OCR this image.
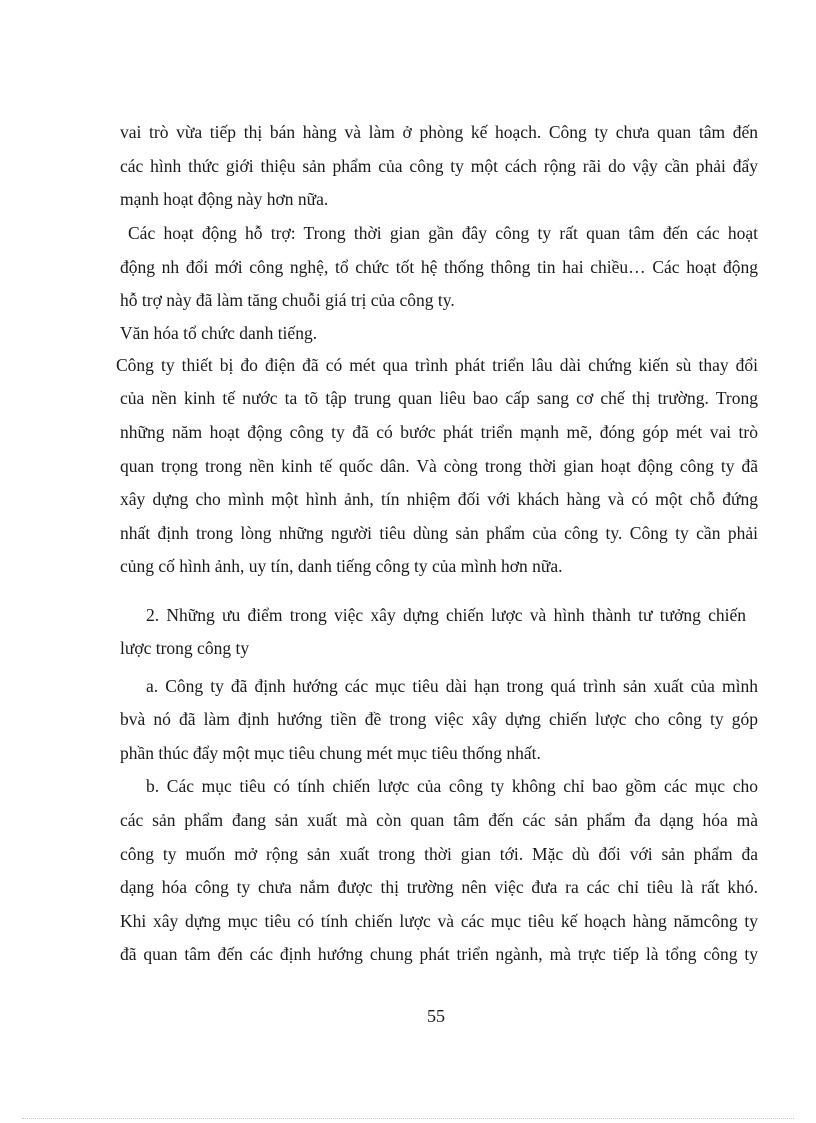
vai trò vừa tiếp thị bán hàng và làm ở phòng kế hoạch. Công ty chưa quan tâm đến
các hình thức giới thiệu sản phẩm của công ty một cách rộng rãi do vậy cần phải đẩy
mạnh hoạt động này hơn nữa.
Các hoạt động hỗ trợ: Trong thời gian gần đây công ty rất quan tâm đến các hoạt
động nh đổi mới công nghệ, tổ chức tốt hệ thống thông tin hai chiều… Các hoạt động
hỗ trợ này đã làm tăng chuỗi giá trị của công ty.
Văn hóa tổ chức danh tiếng.
Công ty thiết bị đo điện đã có mét qua trình phát triển lâu dài chứng kiến sù thay đổi
của nền kinh tế nước ta tõ tập trung quan liêu bao cấp sang cơ chế thị trường. Trong
những năm hoạt động công ty đã có bước phát triển mạnh mẽ, đóng góp mét vai trò
quan trọng trong nền kinh tế quốc dân. Và còng trong thời gian hoạt động công ty đã
xây dựng cho mình một hình ảnh, tín nhiệm đối với khách hàng và có một chỗ đứng
nhất định trong lòng những người tiêu dùng sản phẩm của công ty. Công ty cần phải
củng cố hình ảnh, uy tín, danh tiếng công ty của mình hơn nữa.
2. Những ưu điểm trong việc xây dựng chiến lược và hình thành tư tưởng chiến
lược trong công ty
a. Công ty đã định hướng các mục tiêu dài hạn trong quá trình sản xuất của mình
bvà nó đã làm định hướng tiền đề trong việc xây dựng chiến lược cho công ty góp
phần thúc đẩy một mục tiêu chung mét mục tiêu thống nhất.
b. Các mục tiêu có tính chiến lược của công ty không chỉ bao gồm các mục cho
các sản phẩm đang sản xuất mà còn quan tâm đến các sản phẩm đa dạng hóa mà
công ty muốn mở rộng sản xuất trong thời gian tới. Mặc dù đối với sản phẩm đa
dạng hóa công ty chưa nắm được thị trường nên việc đưa ra các chỉ tiêu là rất khó.
Khi xây dựng mục tiêu có tính chiến lược và các mục tiêu kế hoạch hàng nămcông ty
đã quan tâm đến các định hướng chung phát triển ngành, mà trực tiếp là tổng công ty
55
